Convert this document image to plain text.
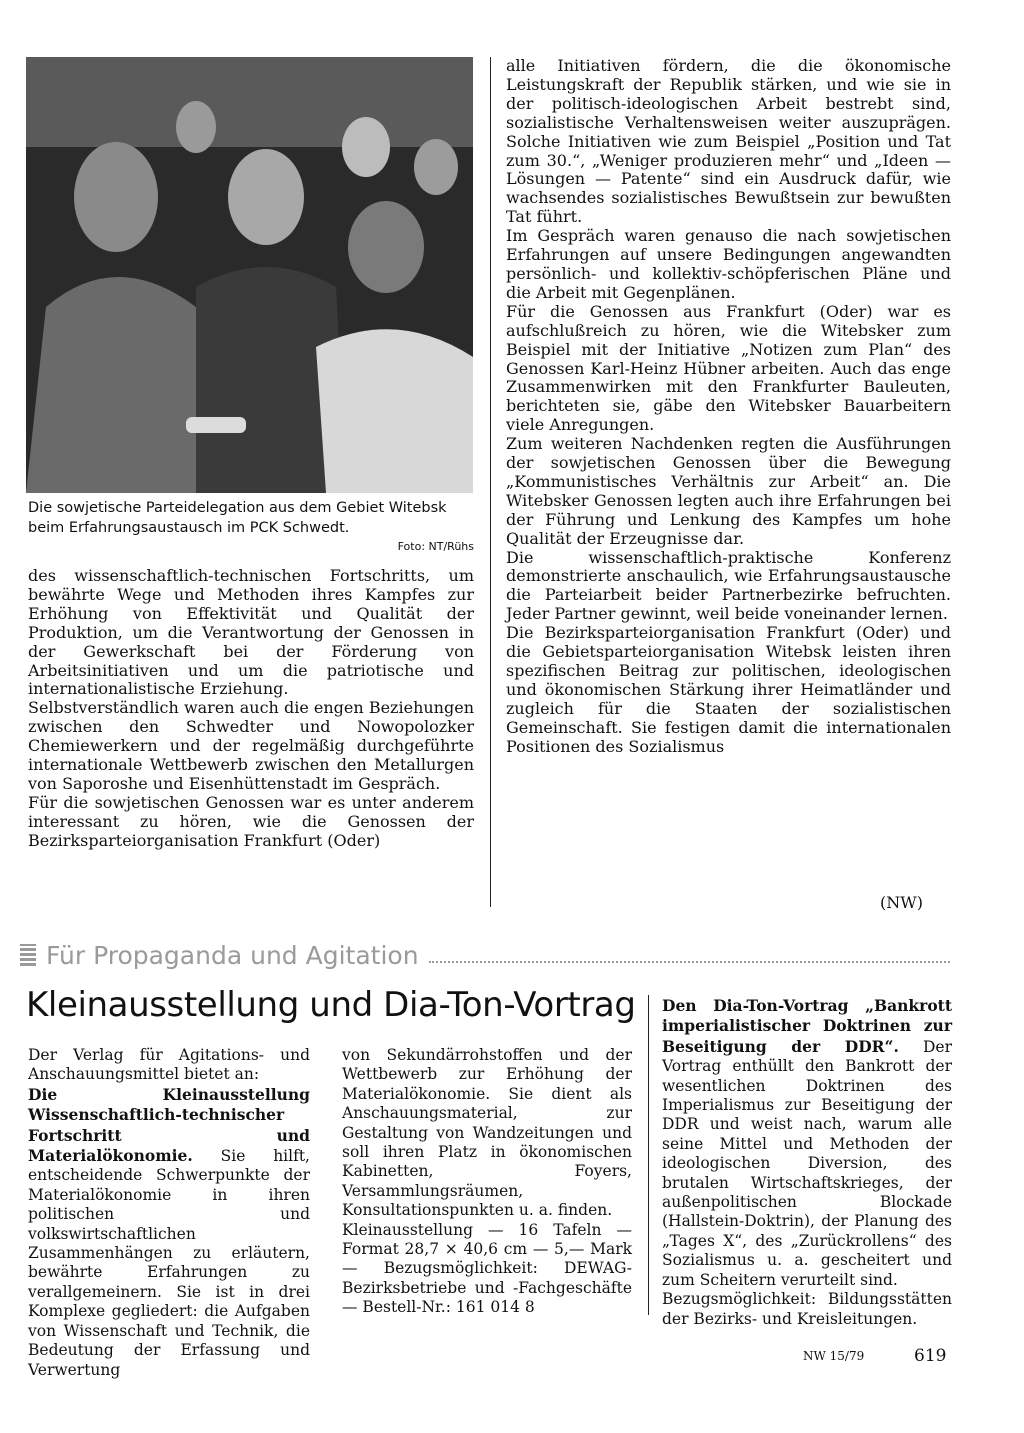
Die sowjetische Parteidelegation aus dem Gebiet Witebsk beim Erfahrungsaustausch im PCK Schwedt.
Foto: NT/Rühs

des wissenschaftlich-technischen Fortschritts, um bewährte Wege und Methoden ihres Kampfes zur Erhöhung von Effektivität und Qualität der Produktion, um die Verantwortung der Genossen in der Gewerkschaft bei der Förderung von Arbeitsinitiativen und um die patriotische und internationalistische Erziehung.

Selbstverständlich waren auch die engen Beziehungen zwischen den Schwedter und Nowopolozker Chemiewerkern und der regelmäßig durchgeführte internationale Wettbewerb zwischen den Metallurgen von Saporoshe und Eisenhüttenstadt im Gespräch.

Für die sowjetischen Genossen war es unter anderem interessant zu hören, wie die Genossen der Bezirksparteiorganisation Frankfurt (Oder)

alle Initiativen fördern, die die ökonomische Leistungskraft der Republik stärken, und wie sie in der politisch-ideologischen Arbeit bestrebt sind, sozialistische Verhaltensweisen weiter auszuprägen. Solche Initiativen wie zum Beispiel „Position und Tat zum 30.“, „Weniger produzieren mehr“ und „Ideen — Lösungen — Patente“ sind ein Ausdruck dafür, wie wachsendes sozialistisches Bewußtsein zur bewußten Tat führt.

Im Gespräch waren genauso die nach sowjetischen Erfahrungen auf unsere Bedingungen angewandten persönlich- und kollektiv-schöpferischen Pläne und die Arbeit mit Gegenplänen.

Für die Genossen aus Frankfurt (Oder) war es aufschlußreich zu hören, wie die Witebsker zum Beispiel mit der Initiative „Notizen zum Plan“ des Genossen Karl-Heinz Hübner arbeiten. Auch das enge Zusammenwirken mit den Frankfurter Bauleuten, berichteten sie, gäbe den Witebsker Bauarbeitern viele Anregungen.

Zum weiteren Nachdenken regten die Ausführungen der sowjetischen Genossen über die Bewegung „Kommunistisches Verhältnis zur Arbeit“ an. Die Witebsker Genossen legten auch ihre Erfahrungen bei der Führung und Lenkung des Kampfes um hohe Qualität der Erzeugnisse dar.

Die wissenschaftlich-praktische Konferenz demonstrierte anschaulich, wie Erfahrungsaustausche die Parteiarbeit beider Partnerbezirke befruchten. Jeder Partner gewinnt, weil beide voneinander lernen.

Die Bezirksparteiorganisation Frankfurt (Oder) und die Gebietsparteiorganisation Witebsk leisten ihren spezifischen Beitrag zur politischen, ideologischen und ökonomischen Stärkung ihrer Heimatländer und zugleich für die Staaten der sozialistischen Gemeinschaft. Sie festigen damit die internationalen Positionen des Sozialismus

(NW)
Für Propaganda und Agitation
Kleinausstellung und Dia-Ton-Vortrag

Der Verlag für Agitations- und Anschauungsmittel bietet an:

Die Kleinausstellung Wissenschaftlich-technischer Fortschritt und Materialökonomie. Sie hilft, entscheidende Schwerpunkte der Materialökonomie in ihren politischen und volkswirtschaftlichen Zusammenhängen zu erläutern, bewährte Erfahrungen zu verallgemeinern. Sie ist in drei Komplexe gegliedert: die Aufgaben von Wissenschaft und Technik, die Bedeutung der Erfassung und Verwertung

von Sekundärrohstoffen und der Wettbewerb zur Erhöhung der Materialökonomie. Sie dient als Anschauungsmaterial, zur Gestaltung von Wandzeitungen und soll ihren Platz in ökonomischen Kabinetten, Foyers, Versammlungsräumen, Konsultationspunkten u. a. finden.

Kleinausstellung — 16 Tafeln — Format 28,7 × 40,6 cm — 5,— Mark — Bezugsmöglichkeit: DEWAG-Bezirksbetriebe und -Fachgeschäfte — Bestell-Nr.: 161 014 8

Den Dia-Ton-Vortrag „Bankrott imperialistischer Doktrinen zur Beseitigung der DDR“. Der Vortrag enthüllt den Bankrott der wesentlichen Doktrinen des Imperialismus zur Beseitigung der DDR und weist nach, warum alle seine Mittel und Methoden der ideologischen Diversion, des brutalen Wirtschaftskrieges, der außenpolitischen Blockade (Hallstein-Doktrin), der Planung des „Tages X“, des „Zurückrollens“ des Sozialismus u. a. gescheitert und zum Scheitern verurteilt sind.

Bezugsmöglichkeit: Bildungsstätten der Bezirks- und Kreisleitungen.

NW 15/79	619
